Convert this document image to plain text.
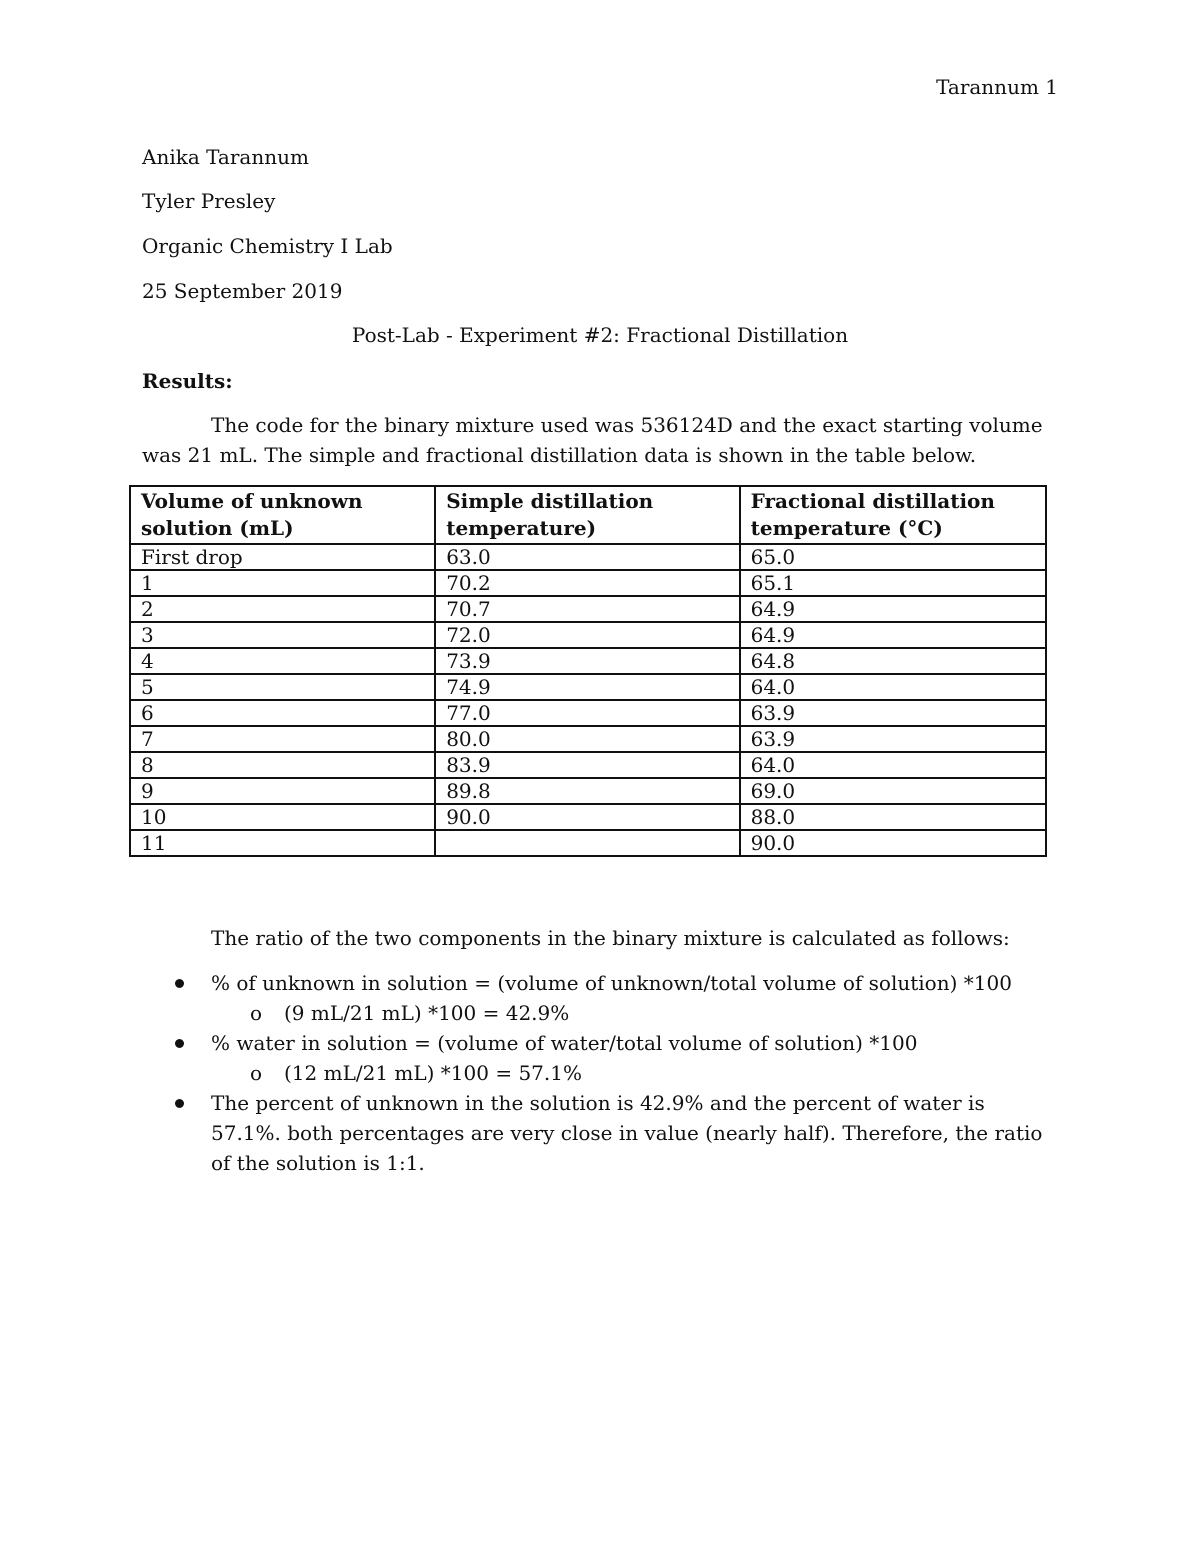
Tarannum 1
Anika Tarannum
Tyler Presley
Organic Chemistry I Lab
25 September 2019
Post-Lab - Experiment #2: Fractional Distillation
Results:
The code for the binary mixture used was 536124D and the exact starting volume was 21 mL. The simple and fractional distillation data is shown in the table below.
Volume of unknown solution (mL)	Simple distillation temperature)	Fractional distillation temperature (°C)
First drop	63.0	65.0
1	70.2	65.1
2	70.7	64.9
3	72.0	64.9
4	73.9	64.8
5	74.9	64.0
6	77.0	63.9
7	80.0	63.9
8	83.9	64.0
9	89.8	69.0
10	90.0	88.0
11		90.0
The ratio of the two components in the binary mixture is calculated as follows:
% of unknown in solution = (volume of unknown/total volume of solution) *100
o (9 mL/21 mL) *100 = 42.9%
% water in solution = (volume of water/total volume of solution) *100
o (12 mL/21 mL) *100 = 57.1%
The percent of unknown in the solution is 42.9% and the percent of water is 57.1%. both percentages are very close in value (nearly half). Therefore, the ratio of the solution is 1:1.
